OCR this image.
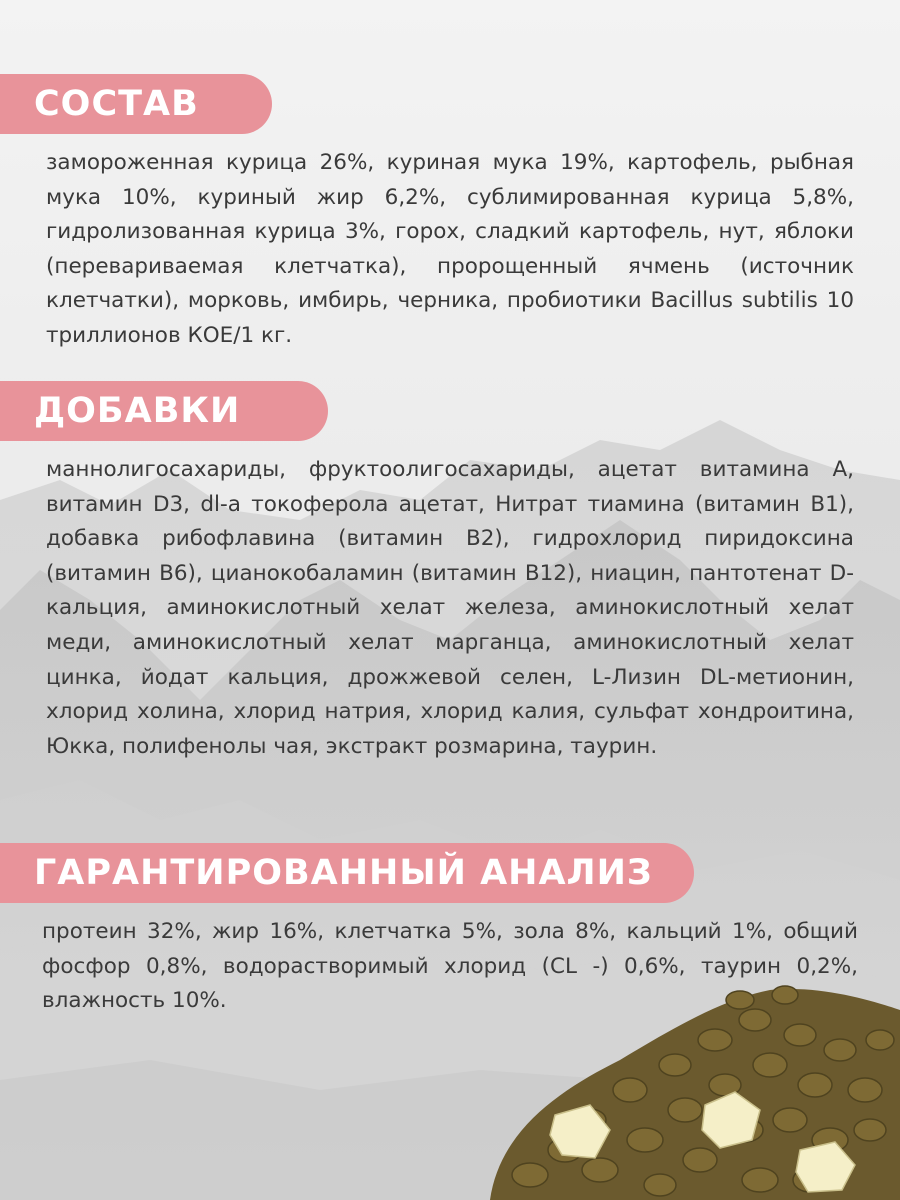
СОСТАВ

замороженная курица 26%, куриная мука 19%, картофель, рыбная мука 10%, куриный жир 6,2%, сублимированная курица 5,8%, гидролизованная курица 3%, горох, сладкий картофель, нут, яблоки (перевариваемая клетчатка), пророщенный ячмень (источник клетчатки), морковь, имбирь, черника, пробиотики Bacillus subtilis 10 триллионов КОЕ/1 кг.

ДОБАВКИ

маннолигосахариды, фруктоолигосахариды, ацетат витамина А, витамин D3, dl-a токоферола ацетат, Нитрат тиамина (витамин В1), добавка рибофлавина (витамин В2), гидрохлорид пиридоксина (витамин В6), цианокобаламин (витамин В12), ниацин, пантотенат D-кальция, аминокислотный хелат железа, аминокислотный хелат меди, аминокислотный хелат марганца, аминокислотный хелат цинка, йодат кальция, дрожжевой селен, L-Лизин DL-метионин, хлорид холина, хлорид натрия, хлорид калия, сульфат хондроитина, Юкка, полифенолы чая, экстракт розмарина, таурин.

ГАРАНТИРОВАННЫЙ АНАЛИЗ

протеин 32%, жир 16%, клетчатка 5%, зола 8%, кальций 1%, общий фосфор 0,8%, водорастворимый хлорид (CL -) 0,6%, таурин 0,2%, влажность 10%.
